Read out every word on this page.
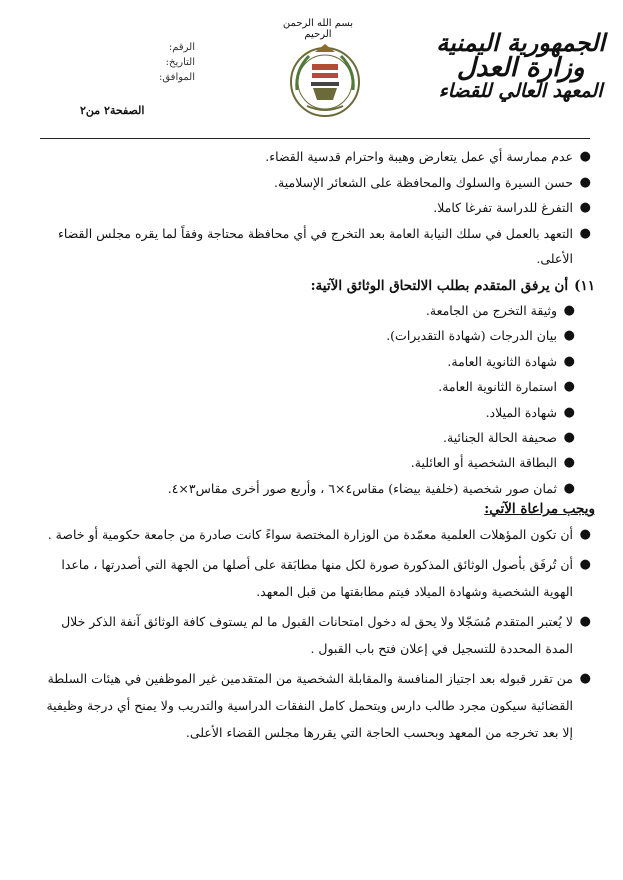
الجمهورية اليمنية
وزارة العدل
المعهد العالي للقضاء
بسم الله الرحمن الرحيم
الرقم:
التاريخ:
الموافق:
الصفحة٢ من٢
●
عدم ممارسة أي عمل يتعارض وهيبة واحترام قدسية القضاء.
●
حسن السيرة والسلوك والمحافظة على الشعائر الإسلامية.
●
التفرغ للدراسة تفرغا كاملا.
●
التعهد بالعمل في سلك النيابة العامة بعد التخرج في أي محافظة محتاجة وفقاً لما يقره مجلس القضاء الأعلى.
١١)أن يرفق المتقدم بطلب الالتحاق الوثائق الآتية:
●
وثيقة التخرج من الجامعة.
●
بيان الدرجات (شهادة التقديرات).
●
شهادة الثانوية العامة.
●
استمارة الثانوية العامة.
●
شهادة الميلاد.
●
صحيفة الحالة الجنائية.
●
البطاقة الشخصية أو العائلية.
●
ثمان صور شخصية (خلفية بيضاء) مقاس٤×٦ ، وأربع صور أخرى مقاس٣×٤.
ويجب مراعاة الآتي:
●
أن تكون المؤهلات العلمية معمّدة من الوزارة المختصة سواءً كانت صادرة من جامعة حكومية أو خاصة .
●
أن تُرفَق بأصول الوثائق المذكورة صورة لكل منها مطابَقة على أصلها من الجهة التي أصدرتها ، ماعدا الهوية الشخصية وشهادة الميلاد فيتم مطابقتها من قبل المعهد.
●
لا يُعتبر المتقدم مُسَجّلا ولا يحق له دخول امتحانات القبول ما لم يستوف كافة الوثائق آنفة الذكر خلال المدة المحددة للتسجيل في إعلان فتح باب القبول .
●
من تقرر قبوله بعد اجتياز المنافسة والمقابلة الشخصية من المتقدمين غير الموظفين في هيئات السلطة القضائية سيكون مجرد طالب دارس ويتحمل كامل النفقات الدراسية والتدريب ولا يمنح أي درجة وظيفية إلا بعد تخرجه من المعهد وبحسب الحاجة التي يقررها مجلس القضاء الأعلى.
